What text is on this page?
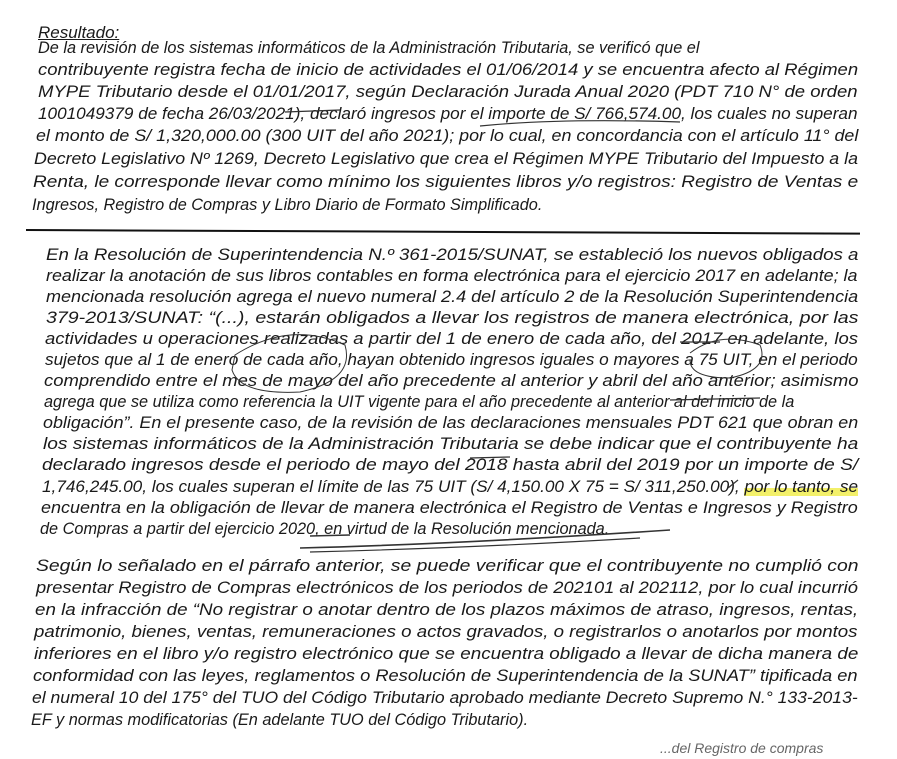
Resultado:
De la revisión de los sistemas informáticos de la Administración Tributaria, se verificó que el
contribuyente registra fecha de inicio de actividades el 01/06/2014 y se encuentra afecto al Régimen
MYPE Tributario desde el 01/01/2017, según Declaración Jurada Anual 2020 (PDT 710 N° de orden
1001049379 de fecha 26/03/2021), declaró ingresos por el importe de S/ 766,574.00, los cuales no superan
el monto de S/ 1,320,000.00 (300 UIT del año 2021); por lo cual, en concordancia con el artículo 11° del
Decreto Legislativo Nº 1269, Decreto Legislativo que crea el Régimen MYPE Tributario del Impuesto a la
Renta, le corresponde llevar como mínimo los siguientes libros y/o registros: Registro de Ventas e
Ingresos, Registro de Compras y Libro Diario de Formato Simplificado.
En la Resolución de Superintendencia N.º 361-2015/SUNAT, se estableció los nuevos obligados a
realizar la anotación de sus libros contables en forma electrónica para el ejercicio 2017 en adelante; la
mencionada resolución agrega el nuevo numeral 2.4 del artículo 2 de la Resolución Superintendencia
379-2013/SUNAT: “(...), estarán obligados a llevar los registros de manera electrónica, por las
actividades u operaciones realizadas a partir del 1 de enero de cada año, del 2017 en adelante, los
sujetos que al 1 de enero de cada año, hayan obtenido ingresos iguales o mayores a 75 UIT, en el periodo
comprendido entre el mes de mayo del año precedente al anterior y abril del año anterior; asimismo
agrega que se utiliza como referencia la UIT vigente para el año precedente al anterior al del inicio de la
obligación”. En el presente caso, de la revisión de las declaraciones mensuales PDT 621 que obran en
los sistemas informáticos de la Administración Tributaria se debe indicar que el contribuyente ha
declarado ingresos desde el periodo de mayo del 2018 hasta abril del 2019 por un importe de S/
1,746,245.00, los cuales superan el límite de las 75 UIT (S/ 4,150.00 X 75 = S/ 311,250.00), por lo tanto, se
encuentra en la obligación de llevar de manera electrónica el Registro de Ventas e Ingresos y Registro
de Compras a partir del ejercicio 2020, en virtud de la Resolución mencionada.
Según lo señalado en el párrafo anterior, se puede verificar que el contribuyente no cumplió con
presentar Registro de Compras electrónicos de los periodos de 202101 al 202112, por lo cual incurrió
en la infracción de “No registrar o anotar dentro de los plazos máximos de atraso, ingresos, rentas,
patrimonio, bienes, ventas, remuneraciones o actos gravados, o registrarlos o anotarlos por montos
inferiores en el libro y/o registro electrónico que se encuentra obligado a llevar de dicha manera de
conformidad con las leyes, reglamentos o Resolución de Superintendencia de la SUNAT” tipificada en
el numeral 10 del 175° del TUO del Código Tributario aprobado mediante Decreto Supremo N.° 133-2013-
EF y normas modificatorias (En adelante TUO del Código Tributario).
...del Registro de compras
